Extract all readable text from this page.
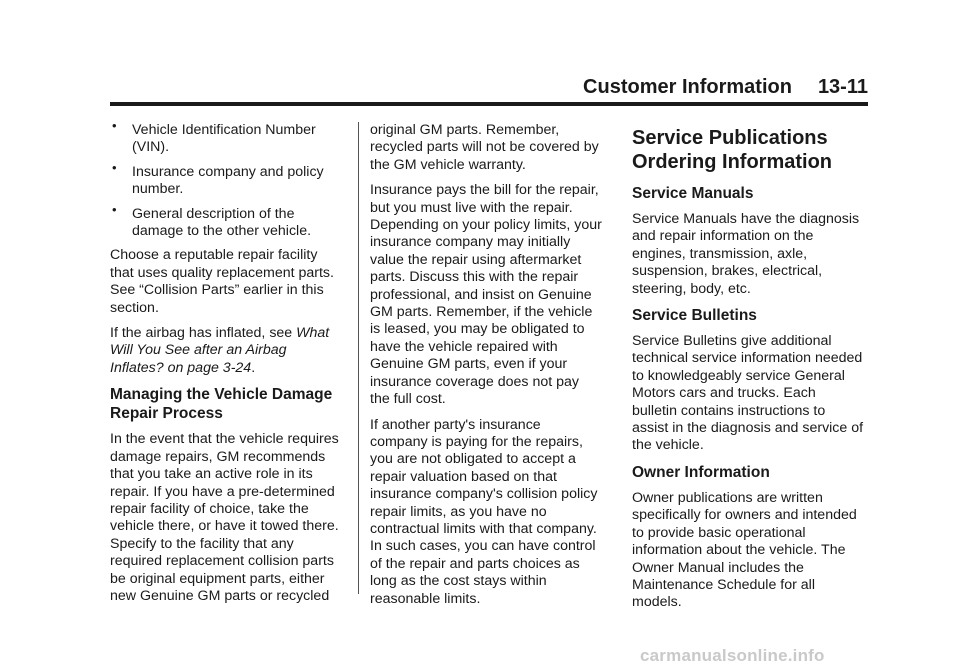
Customer Information 13-11
• Vehicle Identification Number (VIN).

• Insurance company and policy number.

• General description of the damage to the other vehicle.

Choose a reputable repair facility that uses quality replacement parts. See “Collision Parts” earlier in this section.

If the airbag has inflated, see What Will You See after an Airbag Inflates? on page 3-24.

Managing the Vehicle Damage Repair Process

In the event that the vehicle requires damage repairs, GM recommends that you take an active role in its repair. If you have a pre-determined repair facility of choice, take the vehicle there, or have it towed there. Specify to the facility that any required replacement collision parts be original equipment parts, either new Genuine GM parts or recycled

original GM parts. Remember, recycled parts will not be covered by the GM vehicle warranty.

Insurance pays the bill for the repair, but you must live with the repair. Depending on your policy limits, your insurance company may initially value the repair using aftermarket parts. Discuss this with the repair professional, and insist on Genuine GM parts. Remember, if the vehicle is leased, you may be obligated to have the vehicle repaired with Genuine GM parts, even if your insurance coverage does not pay the full cost.

If another party's insurance company is paying for the repairs, you are not obligated to accept a repair valuation based on that insurance company's collision policy repair limits, as you have no contractual limits with that company. In such cases, you can have control of the repair and parts choices as long as the cost stays within reasonable limits.

Service Publications Ordering Information
Service Manuals

Service Manuals have the diagnosis and repair information on the engines, transmission, axle, suspension, brakes, electrical, steering, body, etc.

Service Bulletins

Service Bulletins give additional technical service information needed to knowledgeably service General Motors cars and trucks. Each bulletin contains instructions to assist in the diagnosis and service of the vehicle.

Owner Information

Owner publications are written specifically for owners and intended to provide basic operational information about the vehicle. The Owner Manual includes the Maintenance Schedule for all models.

carmanualsonline.info
